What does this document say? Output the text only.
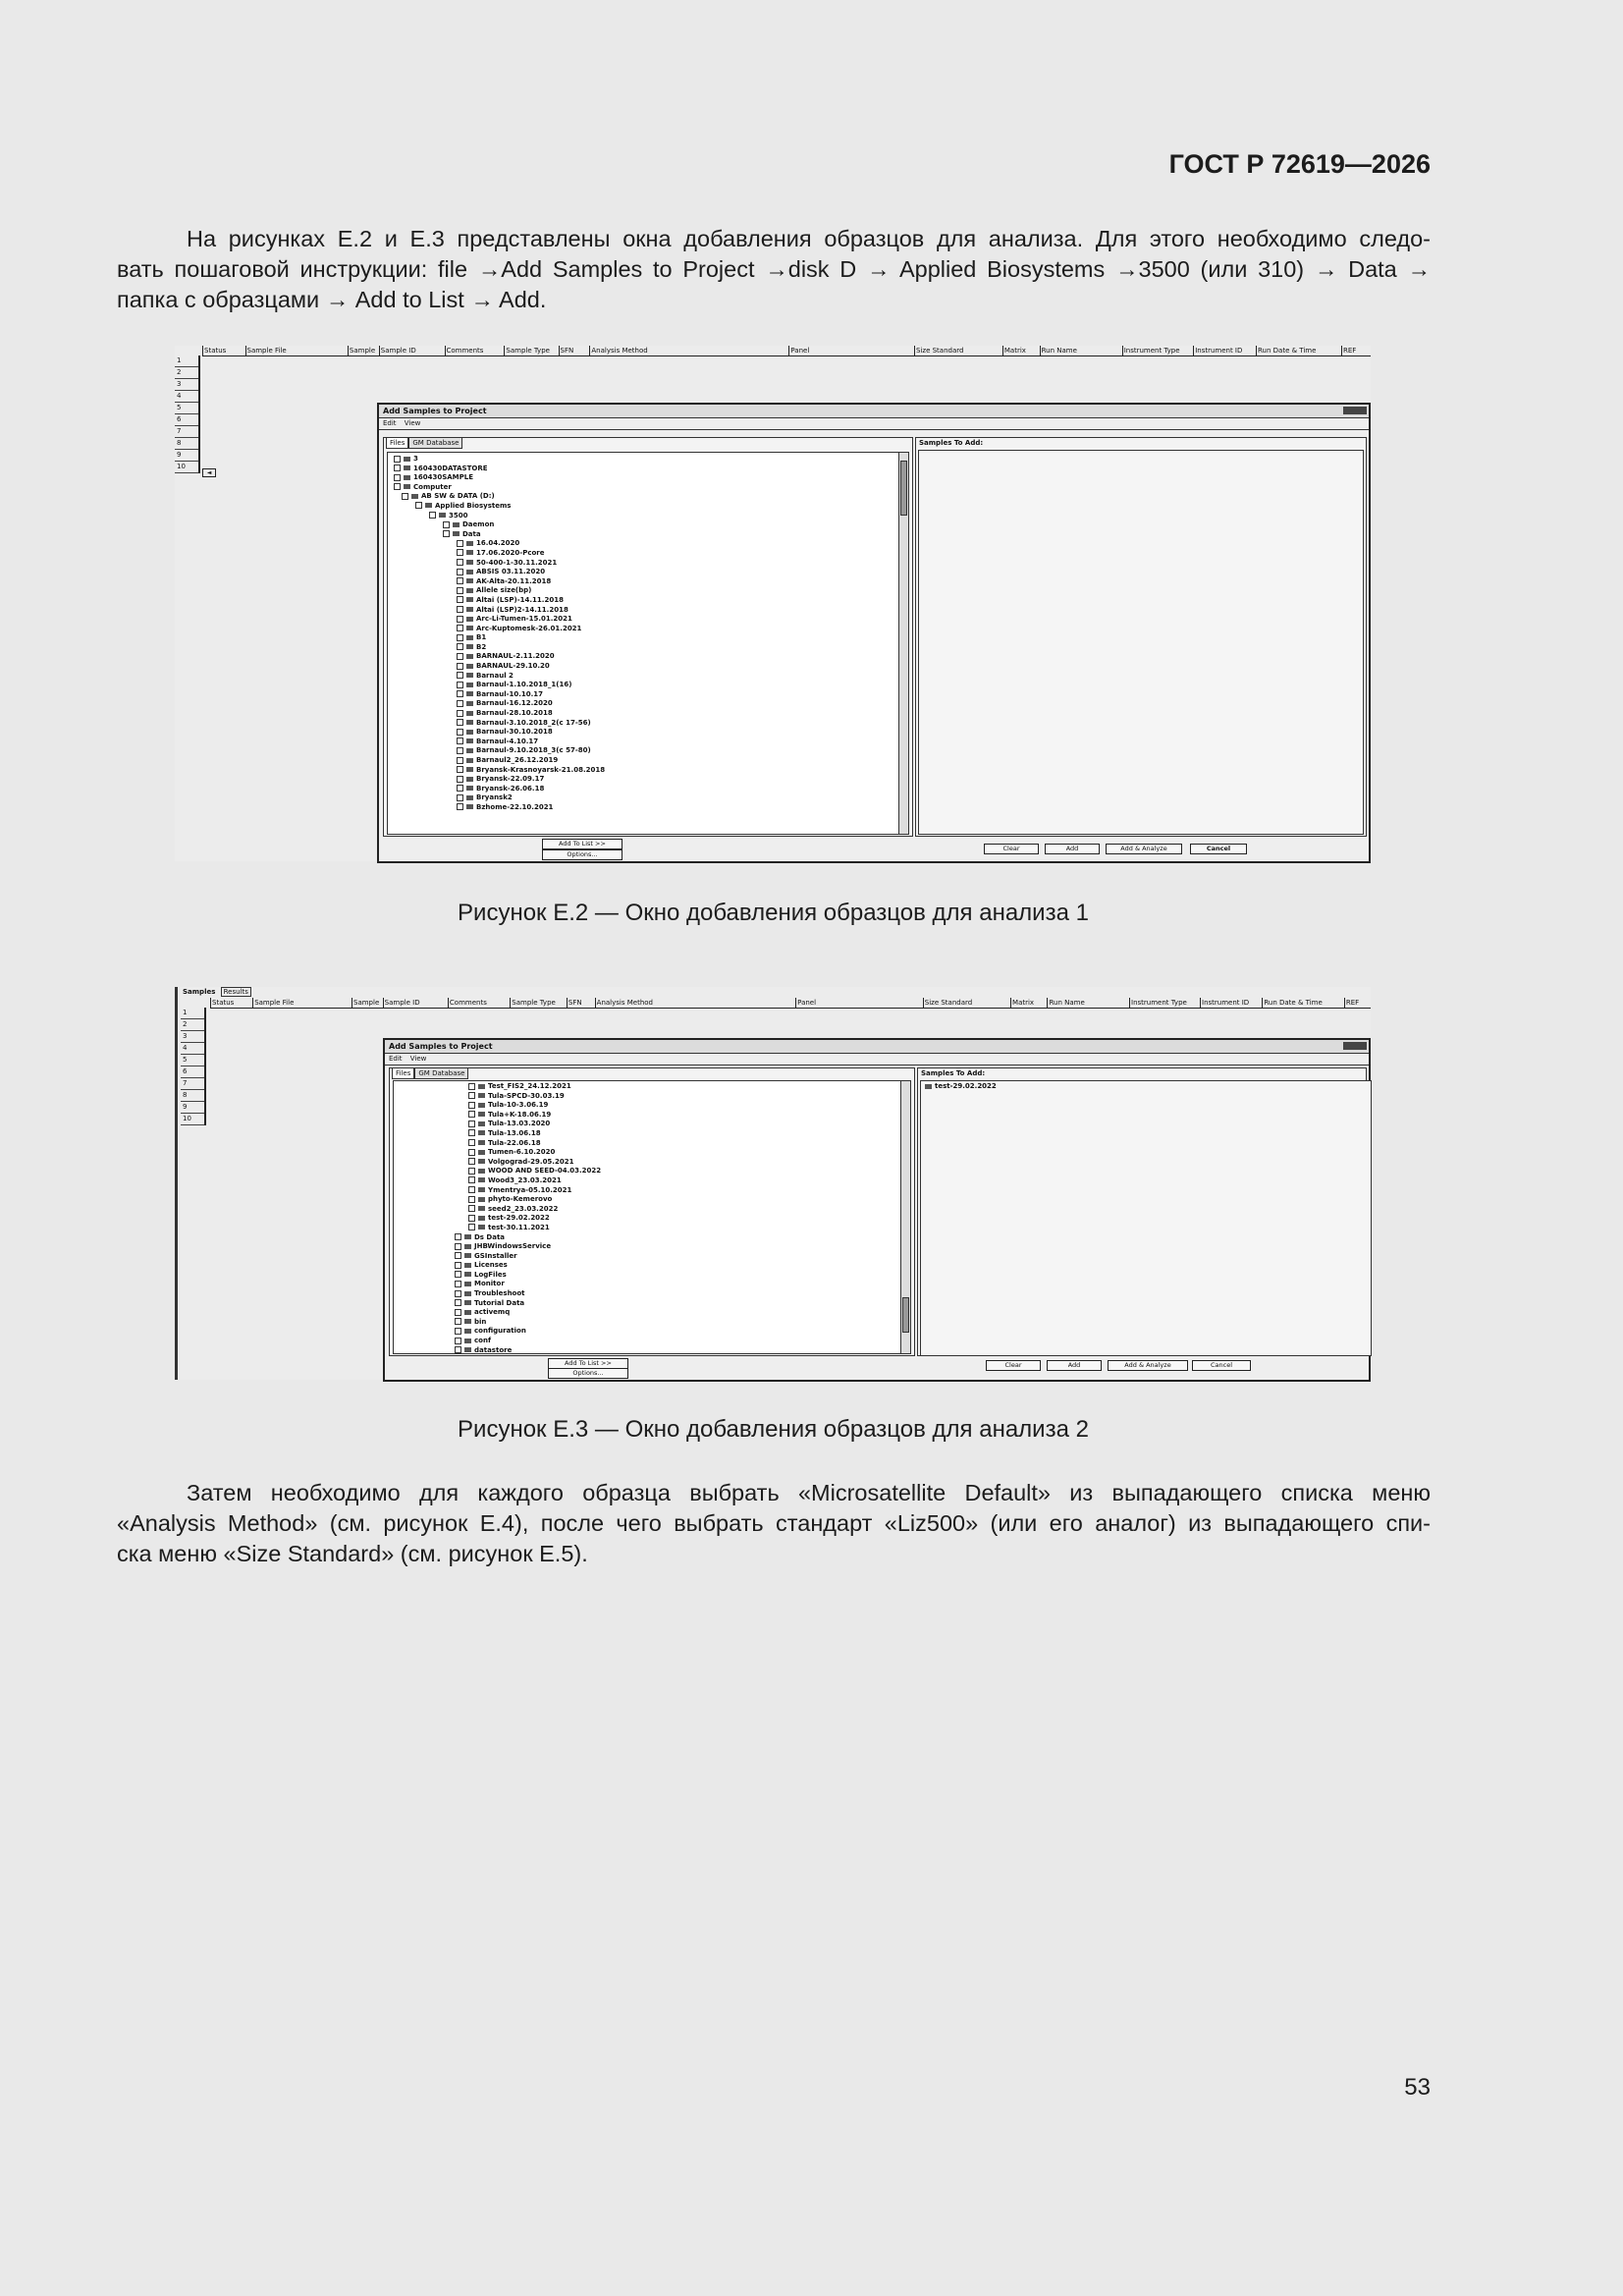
ГОСТ Р 72619—2026
На рисунках Е.2 и Е.3 представлены окна добавления образцов для анализа. Для этого необходимо следо-
вать пошаговой инструкции: file →Add Samples to Project →disk D → Applied Biosystems →3500 (или 310) → Data →
папка с образцами → Add to List → Add.
Status	Sample File	Sample Sample ID	Comments	Sample Type	SFN	Analysis Method	Panel	Size Standard	Matrix	Run Name	Instrument Type	Instrument ID	Run Date & Time	REF
1
2
3
4
5
6
7
8
9
10
◄
Add Samples to Project
Edit View
Files GM Database
3
160430DATASTORE
160430SAMPLE
Computer
AB SW & DATA (D:)
Applied Biosystems
3500
Daemon
Data
16.04.2020
17.06.2020-Pcore
50-400-1-30.11.2021
ABSIS 03.11.2020
AK-Alta-20.11.2018
Allele size(bp)
Altai (LSP)-14.11.2018
Altai (LSP)2-14.11.2018
Arc-Li-Tumen-15.01.2021
Arc-Kuptomesk-26.01.2021
B1
B2
BARNAUL-2.11.2020
BARNAUL-29.10.20
Barnaul 2
Barnaul-1.10.2018_1(16)
Barnaul-10.10.17
Barnaul-16.12.2020
Barnaul-28.10.2018
Barnaul-3.10.2018_2(c 17-56)
Barnaul-30.10.2018
Barnaul-4.10.17
Barnaul-9.10.2018_3(c 57-80)
Barnaul2_26.12.2019
Bryansk-Krasnoyarsk-21.08.2018
Bryansk-22.09.17
Bryansk-26.06.18
Bryansk2
Bzhome-22.10.2021
Samples To Add:
Add To List >>
Options...
Clear	Add	Add & Analyze	Cancel
Рисунок Е.2 — Окно добавления образцов для анализа 1
Samples Results
Status	Sample File	Sample Sample ID	Comments	Sample Type	SFN	Analysis Method	Panel	Size Standard	Matrix	Run Name	Instrument Type	Instrument ID	Run Date & Time	REF
1
2
3
4
5
6
7
8
9
10
Add Samples to Project
Edit View
Files GM Database
Test_FIS2_24.12.2021
Tula-SPCD-30.03.19
Tula-10-3.06.19
Tula+K-18.06.19
Tula-13.03.2020
Tula-13.06.18
Tula-22.06.18
Tumen-6.10.2020
Volgograd-29.05.2021
WOOD AND SEED-04.03.2022
Wood3_23.03.2021
Ymentrya-05.10.2021
phyto-Kemerovo
seed2_23.03.2022
test-29.02.2022
test-30.11.2021
Ds Data
JHBWindowsService
GSInstaller
Licenses
LogFiles
Monitor
Troubleshoot
Tutorial Data
activemq
bin
configuration
conf
datastore
Samples To Add:
test-29.02.2022
Add To List >>
Options...
Clear	Add	Add & Analyze	Cancel
Рисунок Е.3 — Окно добавления образцов для анализа 2
Затем необходимо для каждого образца выбрать «Microsatellite Default» из выпадающего списка меню
«Analysis Method» (см. рисунок Е.4), после чего выбрать стандарт «Liz500» (или его аналог) из выпадающего спи-
ска меню «Size Standard» (см. рисунок Е.5).
53
